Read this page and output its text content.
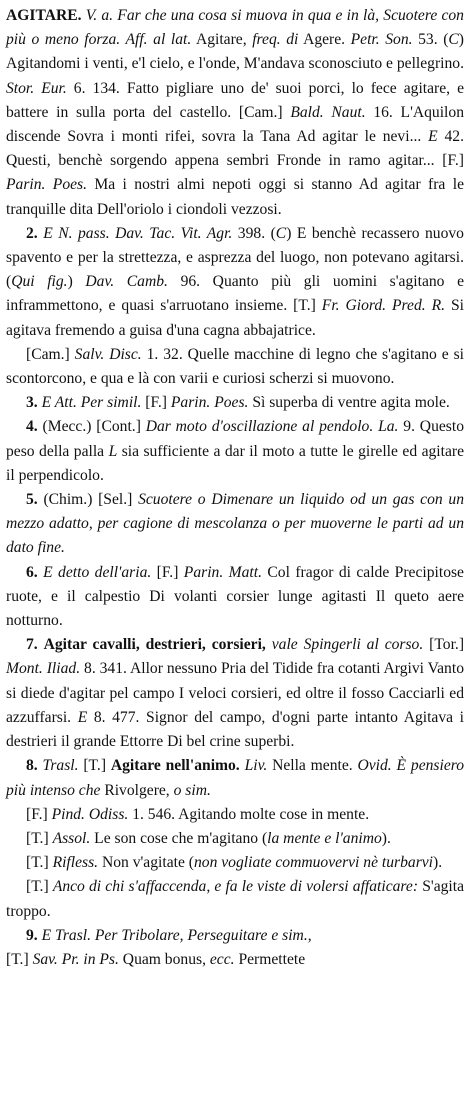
AGITARE. V. a. Far che una cosa si muova in qua e in là, Scuotere con più o meno forza. Aff. al lat. Agitare, freq. di Agere. Petr. Son. 53. (C) Agitandomi i venti, e'l cielo, e l'onde, M'andava sconosciuto e pellegrino. Stor. Eur. 6. 134. Fatto pigliare uno de' suoi porci, lo fece agitare, e battere in sulla porta del castello. [Cam.] Bald. Naut. 16. L'Aquilon discende Sovra i monti rifei, sovra la Tana Ad agitar le nevi... E 42. Questi, benchè sorgendo appena sembri Fronde in ramo agitar... [F.] Parin. Poes. Ma i nostri almi nepoti oggi si stanno Ad agitar fra le tranquille dita Dell'oriolo i ciondoli vezzosi.

2. E N. pass. Dav. Tac. Vit. Agr. 398. (C) E benchè recassero nuovo spavento e per la strettezza, e asprezza del luogo, non potevano agitarsi. (Qui fig.) Dav. Camb. 96. Quanto più gli uomini s'agitano e inframmettono, e quasi s'arruotano insieme. [T.] Fr. Giord. Pred. R. Si agitava fremendo a guisa d'una cagna abbajatrice.

[Cam.] Salv. Disc. 1. 32. Quelle macchine di legno che s'agitano e si scontorcono, e qua e là con varii e curiosi scherzi si muovono.

3. E Att. Per simil. [F.] Parin. Poes. Sì superba di ventre agita mole.

4. (Mecc.) [Cont.] Dar moto d'oscillazione al pendolo. La. 9. Questo peso della palla L sia sufficiente a dar il moto a tutte le girelle ed agitare il perpendicolo.

5. (Chim.) [Sel.] Scuotere o Dimenare un liquido od un gas con un mezzo adatto, per cagione di mescolanza o per muoverne le parti ad un dato fine.

6. E detto dell'aria. [F.] Parin. Matt. Col fragor di calde Precipitose ruote, e il calpestio Di volanti corsier lunge agitasti Il queto aere notturno.

7. Agitar cavalli, destrieri, corsieri, vale Spingerli al corso. [Tor.] Mont. Iliad. 8. 341. Allor nessuno Pria del Tidide fra cotanti Argivi Vanto si diede d'agitar pel campo I veloci corsieri, ed oltre il fosso Cacciarli ed azzuffarsi. E 8. 477. Signor del campo, d'ogni parte intanto Agitava i destrieri il grande Ettorre Di bel crine superbi.

8. Trasl. [T.] Agitare nell'animo. Liv. Nella mente. Ovid. È pensiero più intenso che Rivolgere, o sim.

[F.] Pind. Odiss. 1. 546. Agitando molte cose in mente.

[T.] Assol. Le son cose che m'agitano (la mente e l'animo).

[T.] Rifless. Non v'agitate (non vogliate commuovervi nè turbarvi).

[T.] Anco di chi s'affaccenda, e fa le viste di volersi affaticare: S'agita troppo.

9. E Trasl. Per Tribolare, Perseguitare e sim.,

[T.] Sav. Pr. in Ps. Quam bonus, ecc. Permettete
